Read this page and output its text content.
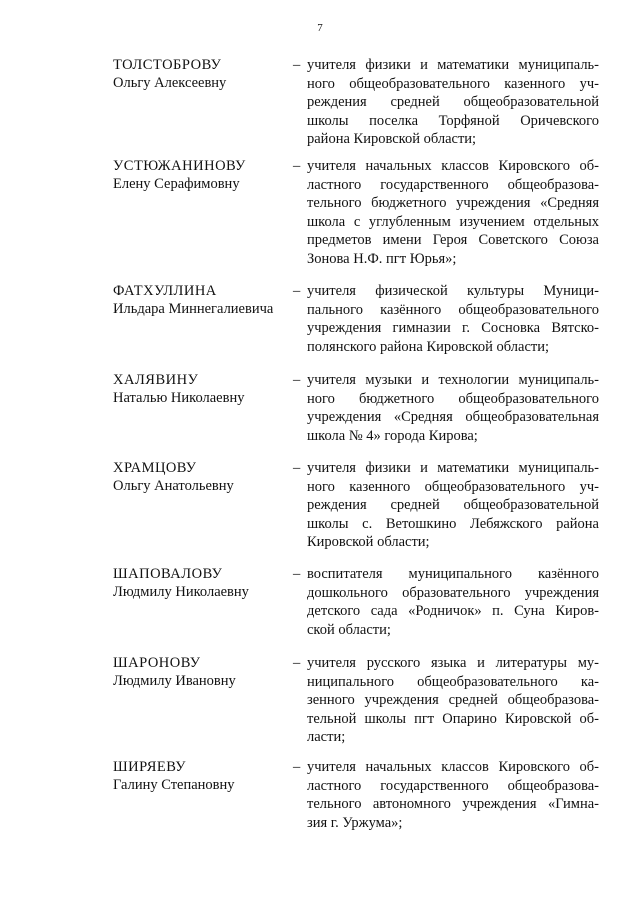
7
ТОЛСТОБРОВУ
Ольгу Алексеевну
– учителя физики и математики муниципаль-
ного общеобразовательного казенного уч-
реждения средней общеобразовательной
школы поселка Торфяной Оричевского
района Кировской области;
УСТЮЖАНИНОВУ
Елену Серафимовну
– учителя начальных классов Кировского об-
ластного государственного общеобразова-
тельного бюджетного учреждения «Средняя
школа с углубленным изучением отдельных
предметов имени Героя Советского Союза
Зонова Н.Ф. пгт Юрья»;
ФАТХУЛЛИНА
Ильдара Миннегалиевича
– учителя физической культуры Муници-
пального казённого общеобразовательного
учреждения гимназии г. Сосновка Вятско-
полянского района Кировской области;
ХАЛЯВИНУ
Наталью Николаевну
– учителя музыки и технологии муниципаль-
ного бюджетного общеобразовательного
учреждения «Средняя общеобразовательная
школа № 4» города Кирова;
ХРАМЦОВУ
Ольгу Анатольевну
– учителя физики и математики муниципаль-
ного казенного общеобразовательного уч-
реждения средней общеобразовательной
школы с. Ветошкино Лебяжского района
Кировской области;
ШАПОВАЛОВУ
Людмилу Николаевну
– воспитателя муниципального казённого
дошкольного образовательного учреждения
детского сада «Родничок» п. Суна Киров-
ской области;
ШАРОНОВУ
Людмилу Ивановну
– учителя русского языка и литературы му-
ниципального общеобразовательного ка-
зенного учреждения средней общеобразова-
тельной школы пгт Опарино Кировской об-
ласти;
ШИРЯЕВУ
Галину Степановну
– учителя начальных классов Кировского об-
ластного государственного общеобразова-
тельного автономного учреждения «Гимна-
зия г. Уржума»;
